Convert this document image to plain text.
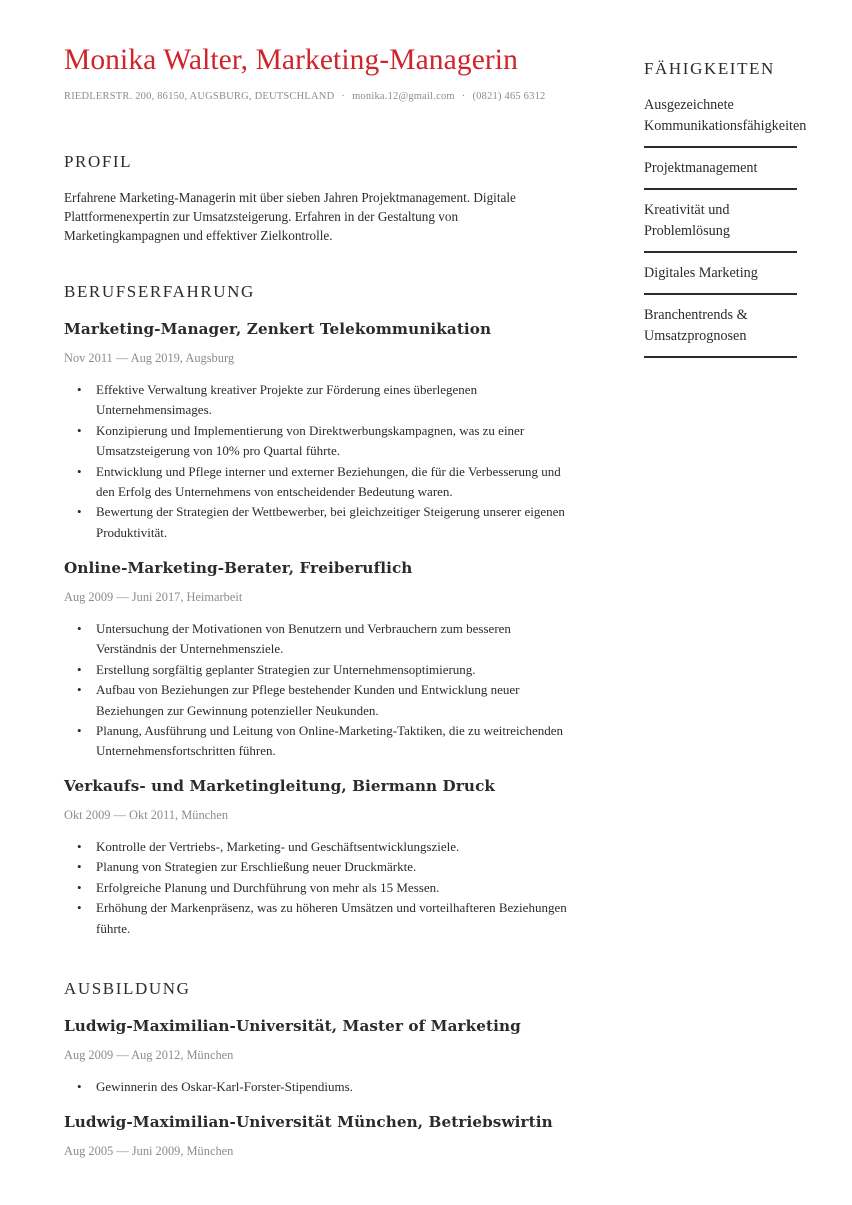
Monika Walter, Marketing-Managerin
RIEDLERSTR. 200, 86150, AUGSBURG, DEUTSCHLAND · monika.12@gmail.com · (0821) 465 6312
PROFIL
Erfahrene Marketing-Managerin mit über sieben Jahren Projektmanagement. Digitale Plattformenexpertin zur Umsatzsteigerung. Erfahren in der Gestaltung von Marketingkampagnen und effektiver Zielkontrolle.
BERUFSERFAHRUNG
Marketing-Manager, Zenkert Telekommunikation
Nov 2011 — Aug 2019, Augsburg
• Effektive Verwaltung kreativer Projekte zur Förderung eines überlegenen Unternehmensimages.
• Konzipierung und Implementierung von Direktwerbungskampagnen, was zu einer Umsatzsteigerung von 10% pro Quartal führte.
• Entwicklung und Pflege interner und externer Beziehungen, die für die Verbesserung und den Erfolg des Unternehmens von entscheidender Bedeutung waren.
• Bewertung der Strategien der Wettbewerber, bei gleichzeitiger Steigerung unserer eigenen Produktivität.
Online-Marketing-Berater, Freiberuflich
Aug 2009 — Juni 2017, Heimarbeit
• Untersuchung der Motivationen von Benutzern und Verbrauchern zum besseren Verständnis der Unternehmensziele.
• Erstellung sorgfältig geplanter Strategien zur Unternehmensoptimierung.
• Aufbau von Beziehungen zur Pflege bestehender Kunden und Entwicklung neuer Beziehungen zur Gewinnung potenzieller Neukunden.
• Planung, Ausführung und Leitung von Online-Marketing-Taktiken, die zu weitreichenden Unternehmensfortschritten führen.
Verkaufs- und Marketingleitung, Biermann Druck
Okt 2009 — Okt 2011, München
• Kontrolle der Vertriebs-, Marketing- und Geschäftsentwicklungsziele.
• Planung von Strategien zur Erschließung neuer Druckmärkte.
• Erfolgreiche Planung und Durchführung von mehr als 15 Messen.
• Erhöhung der Markenpräsenz, was zu höheren Umsätzen und vorteilhafteren Beziehungen führte.
AUSBILDUNG
Ludwig-Maximilian-Universität, Master of Marketing
Aug 2009 — Aug 2012, München
• Gewinnerin des Oskar-Karl-Forster-Stipendiums.
Ludwig-Maximilian-Universität München, Betriebswirtin
Aug 2005 — Juni 2009, München
FÄHIGKEITEN
Ausgezeichnete Kommunikationsfähigkeiten
Projektmanagement
Kreativität und Problemlösung
Digitales Marketing
Branchentrends & Umsatzprognosen
